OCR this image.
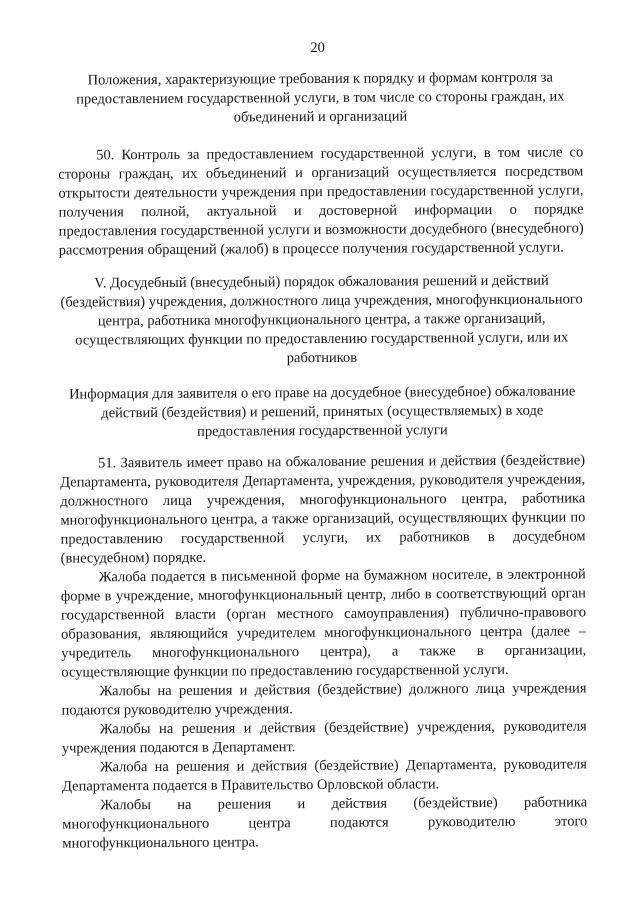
20

Положения, характеризующие требования к порядку и формам контроля за предоставлением государственной услуги, в том числе со стороны граждан, их объединений и организаций

50. Контроль за предоставлением государственной услуги, в том числе со стороны граждан, их объединений и организаций осуществляется посредством открытости деятельности учреждения при предоставлении государственной услуги, получения полной, актуальной и достоверной информации о порядке предоставления государственной услуги и возможности досудебного (внесудебного) рассмотрения обращений (жалоб) в процессе получения государственной услуги.

V. Досудебный (внесудебный) порядок обжалования решений и действий (бездействия) учреждения, должностного лица учреждения, многофункционального центра, работника многофункционального центра, а также организаций, осуществляющих функции по предоставлению государственной услуги, или их работников

Информация для заявителя о его праве на досудебное (внесудебное) обжалование действий (бездействия) и решений, принятых (осуществляемых) в ходе предоставления государственной услуги

51. Заявитель имеет право на обжалование решения и действия (бездействие) Департамента, руководителя Департамента, учреждения, руководителя учреждения, должностного лица учреждения, многофункционального центра, работника многофункционального центра, а также организаций, осуществляющих функции по предоставлению государственной услуги, их работников в досудебном (внесудебном) порядке.

Жалоба подается в письменной форме на бумажном носителе, в электронной форме в учреждение, многофункциональный центр, либо в соответствующий орган государственной власти (орган местного самоуправления) публично-правового образования, являющийся учредителем многофункционального центра (далее – учредитель многофункционального центра), а также в организации, осуществляющие функции по предоставлению государственной услуги.

Жалобы на решения и действия (бездействие) должного лица учреждения подаются руководителю учреждения.

Жалобы на решения и действия (бездействие) учреждения, руководителя учреждения подаются в Департамент.

Жалоба на решения и действия (бездействие) Департамента, руководителя Департамента подается в Правительство Орловской области.

Жалобы на решения и действия (бездействие) работника многофункционального центра подаются руководителю этого многофункционального центра.
